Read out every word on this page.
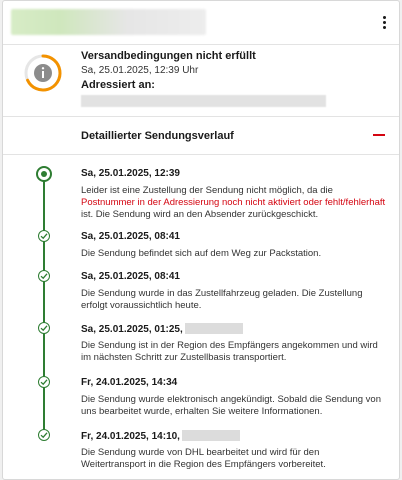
Versandbedingungen nicht erfüllt
Sa, 25.01.2025, 12:39 Uhr
Adressiert an:
Detaillierter Sendungsverlauf
Sa, 25.01.2025, 12:39
Leider ist eine Zustellung der Sendung nicht möglich, da die Postnummer in der Adressierung noch nicht aktiviert oder fehlt/fehlerhaft ist. Die Sendung wird an den Absender zurückgeschickt.
Sa, 25.01.2025, 08:41
Die Sendung befindet sich auf dem Weg zur Packstation.
Sa, 25.01.2025, 08:41
Die Sendung wurde in das Zustellfahrzeug geladen. Die Zustellung erfolgt voraussichtlich heute.
Sa, 25.01.2025, 01:25,
Die Sendung ist in der Region des Empfängers angekommen und wird im nächsten Schritt zur Zustellbasis transportiert.
Fr, 24.01.2025, 14:34
Die Sendung wurde elektronisch angekündigt. Sobald die Sendung von uns bearbeitet wurde, erhalten Sie weitere Informationen.
Fr, 24.01.2025, 14:10,
Die Sendung wurde von DHL bearbeitet und wird für den Weitertransport in die Region des Empfängers vorbereitet.
